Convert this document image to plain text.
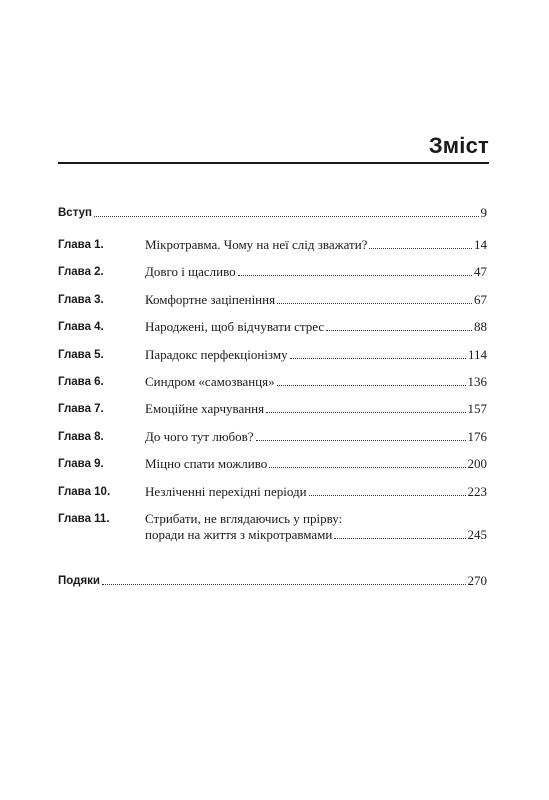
Зміст
Вступ	9
Глава 1.	Мікротравма. Чому на неї слід зважати?	14
Глава 2.	Довго і щасливо	47
Глава 3.	Комфортне заціпеніння	67
Глава 4.	Народжені, щоб відчувати стрес	88
Глава 5.	Парадокс перфекціонізму	114
Глава 6.	Синдром «самозванця»	136
Глава 7.	Емоційне харчування	157
Глава 8.	До чого тут любов?	176
Глава 9.	Міцно спати можливо	200
Глава 10.	Незліченні перехідні періоди	223
Глава 11.	Стрибати, не вглядаючись у прірву:
поради на життя з мікротравмами	245
Подяки	270
